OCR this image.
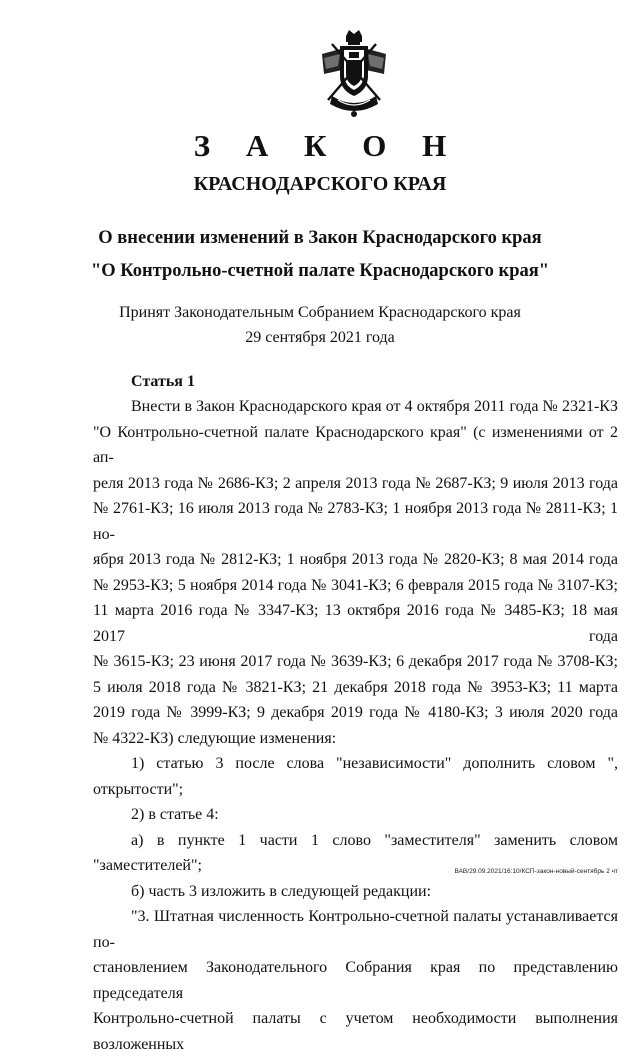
З А К О Н
КРАСНОДАРСКОГО КРАЯ
О внесении изменений в Закон Краснодарского края
"О Контрольно-счетной палате Краснодарского края"
Принят Законодательным Собранием Краснодарского края
29 сентября 2021 года
Статья 1
Внести в Закон Краснодарского края от 4 октября 2011 года № 2321-КЗ
"О Контрольно-счетной палате Краснодарского края" (с изменениями от 2 ап-
реля 2013 года № 2686-КЗ; 2 апреля 2013 года № 2687-КЗ; 9 июля 2013 года
№ 2761-КЗ; 16 июля 2013 года № 2783-КЗ; 1 ноября 2013 года № 2811-КЗ; 1 но-
ября 2013 года № 2812-КЗ; 1 ноября 2013 года № 2820-КЗ; 8 мая 2014 года
№ 2953-КЗ; 5 ноября 2014 года № 3041-КЗ; 6 февраля 2015 года № 3107-КЗ;
11 марта 2016 года № 3347-КЗ; 13 октября 2016 года № 3485-КЗ; 18 мая 2017 года
№ 3615-КЗ; 23 июня 2017 года № 3639-КЗ; 6 декабря 2017 года № 3708-КЗ;
5 июля 2018 года № 3821-КЗ; 21 декабря 2018 года № 3953-КЗ; 11 марта
2019 года № 3999-КЗ; 9 декабря 2019 года № 4180-КЗ; 3 июля 2020 года
№ 4322-КЗ) следующие изменения:

1) статью 3 после слова "независимости" дополнить словом ", открытости";

2) в статье 4:

а) в пункте 1 части 1 слово "заместителя" заменить словом "заместителей";

б) часть 3 изложить в следующей редакции:

"3. Штатная численность Контрольно-счетной палаты устанавливается по-
становлением Законодательного Собрания края по представлению председателя
Контрольно-счетной палаты с учетом необходимости выполнения возложенных
ВАВ/29.09.2021/16:10/КСП-закон-новый-сентябрь 2 чт
